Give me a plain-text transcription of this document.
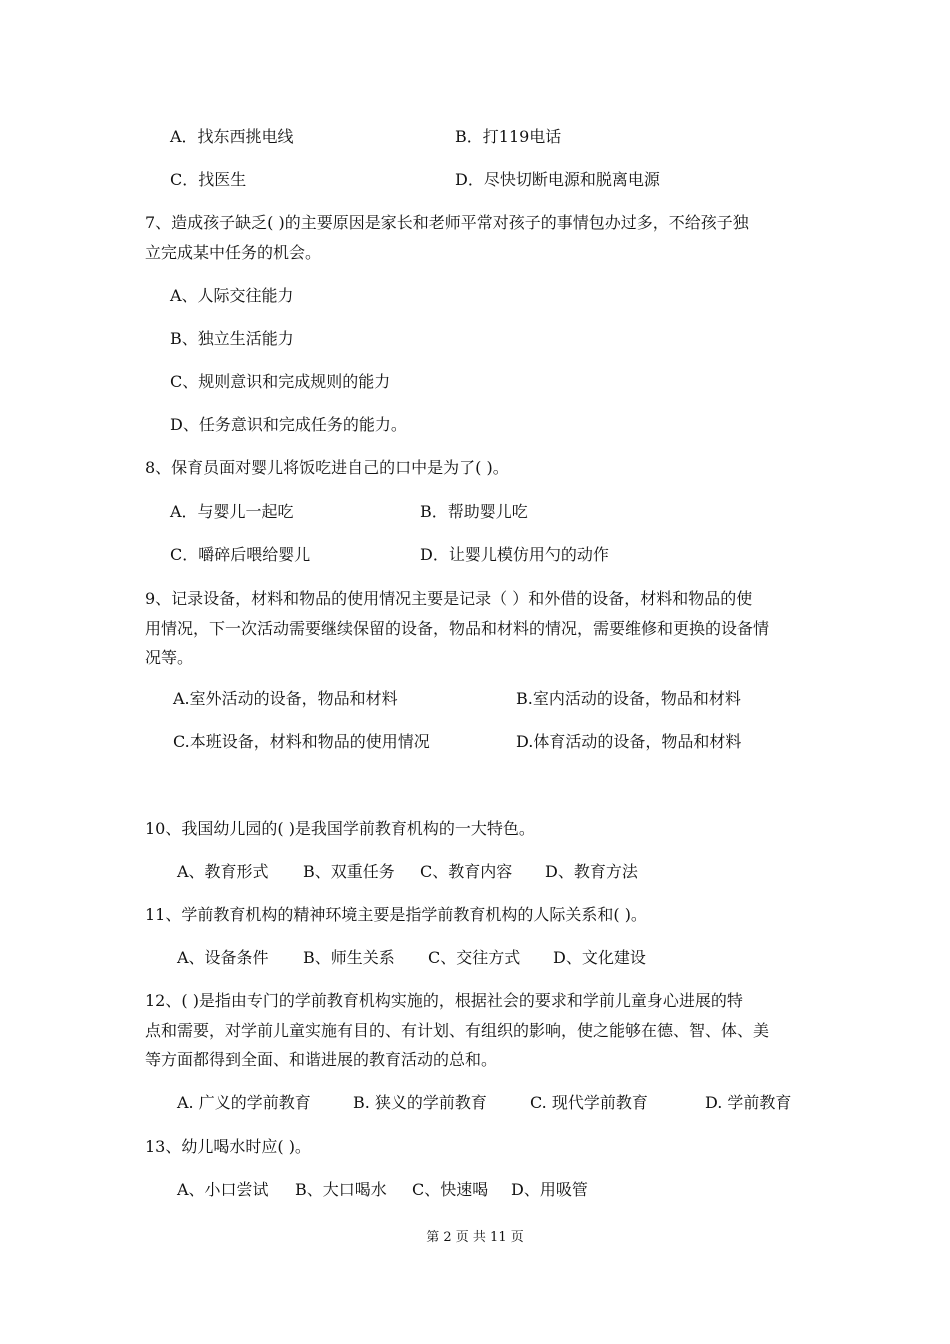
A．找东西挑电线	B．打119电话
C．找医生	D．尽快切断电源和脱离电源
7、造成孩子缺乏( )的主要原因是家长和老师平常对孩子的事情包办过多，不给孩子独
立完成某中任务的机会。
A、人际交往能力
B、独立生活能力
C、规则意识和完成规则的能力
D、任务意识和完成任务的能力。
8、保育员面对婴儿将饭吃进自己的口中是为了( )。
A．与婴儿一起吃	B．帮助婴儿吃
C．嚼碎后喂给婴儿	D．让婴儿模仿用勺的动作
9、记录设备，材料和物品的使用情况主要是记录（ ）和外借的设备，材料和物品的使
用情况，下一次活动需要继续保留的设备，物品和材料的情况，需要维修和更换的设备情
况等。
A.室外活动的设备，物品和材料	B.室内活动的设备，物品和材料
C.本班设备，材料和物品的使用情况	D.体育活动的设备，物品和材料
10、我国幼儿园的( )是我国学前教育机构的一大特色。
A、教育形式 B、双重任务 C、教育内容 D、教育方法
11、学前教育机构的精神环境主要是指学前教育机构的人际关系和( )。
A、设备条件 B、师生关系 C、交往方式 D、文化建设
12、( )是指由专门的学前教育机构实施的，根据社会的要求和学前儿童身心进展的特
点和需要，对学前儿童实施有目的、有计划、有组织的影响，使之能够在德、智、体、美
等方面都得到全面、和谐进展的教育活动的总和。
A. 广义的学前教育	B. 狭义的学前教育	C. 现代学前教育	D. 学前教育
13、幼儿喝水时应( )。
A、小口尝试 B、大口喝水 C、快速喝 D、用吸管
第 2 页 共 11 页
